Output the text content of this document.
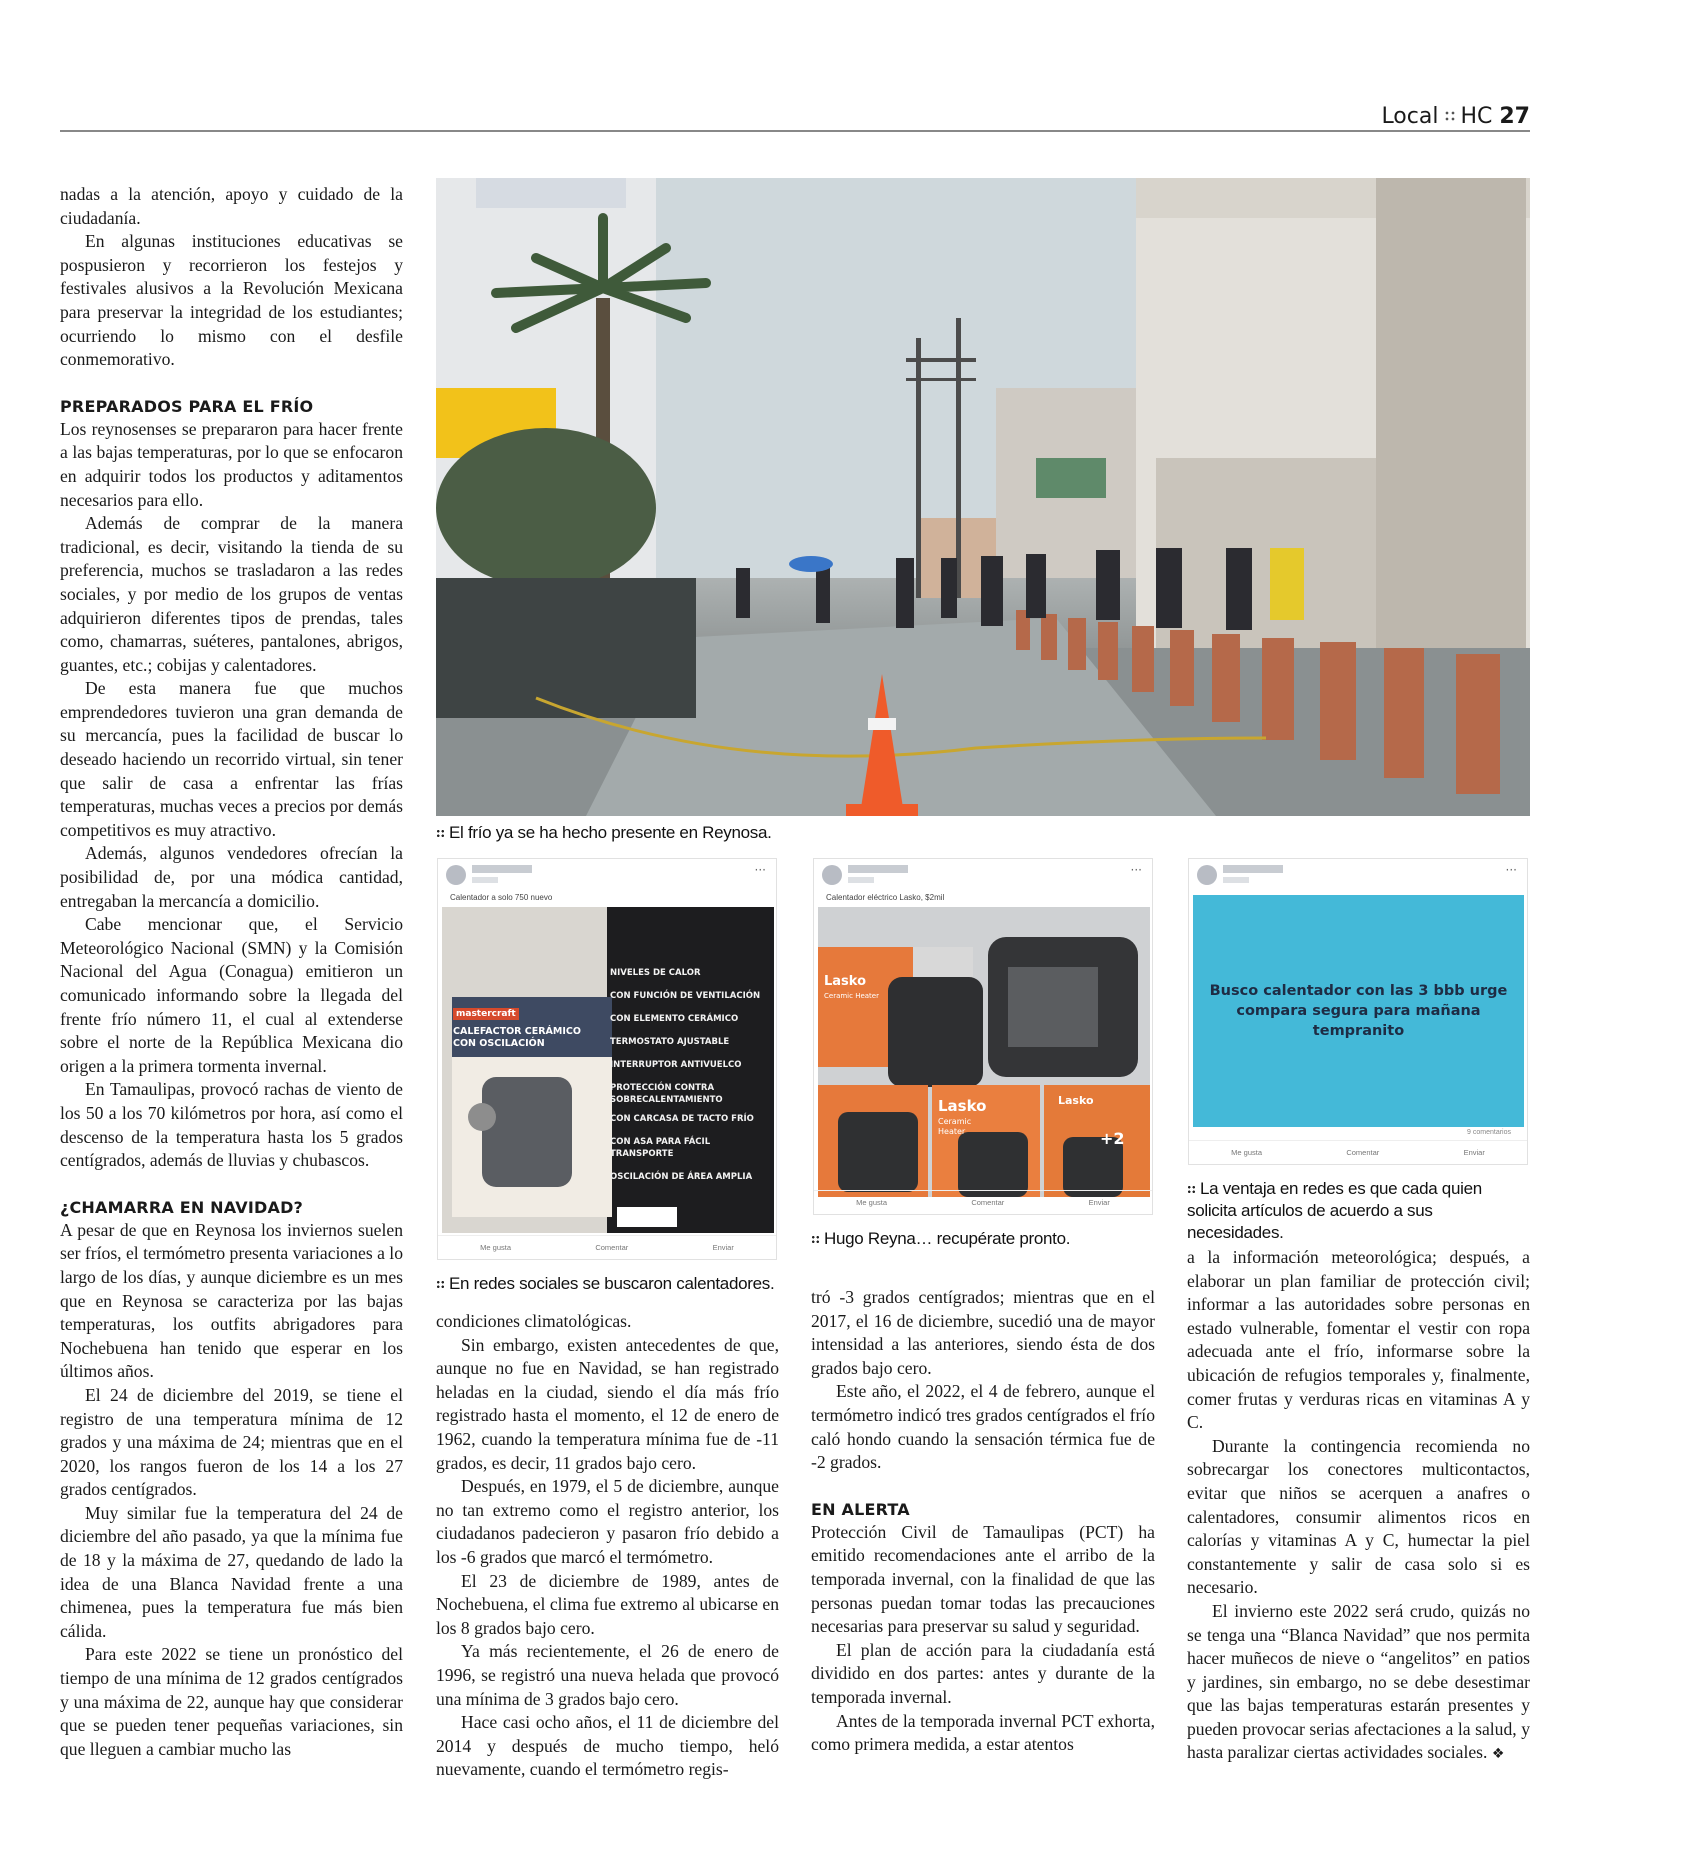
Local HC 27

nadas a la atención, apoyo y cuidado de la ciudadanía.

En algunas instituciones educativas se pospusieron y recorrieron los festejos y festivales alusivos a la Revolución Mexicana para preservar la integridad de los estudiantes; ocurriendo lo mismo con el desfile conmemorativo.

PREPARADOS PARA EL FRÍO

Los reynosenses se prepararon para hacer frente a las bajas temperaturas, por lo que se enfocaron en adquirir todos los productos y aditamentos necesarios para ello.

Además de comprar de la manera tradicional, es decir, visitando la tienda de su preferencia, muchos se trasladaron a las redes sociales, y por medio de los grupos de ventas adquirieron diferentes tipos de prendas, tales como, chamarras, suéteres, pantalones, abrigos, guantes, etc.; cobijas y calentadores.

De esta manera fue que muchos emprendedores tuvieron una gran demanda de su mercancía, pues la facilidad de buscar lo deseado haciendo un recorrido virtual, sin tener que salir de casa a enfrentar las frías temperaturas, muchas veces a precios por demás competitivos es muy atractivo.

Además, algunos vendedores ofrecían la posibilidad de, por una módica cantidad, entregaban la mercancía a domicilio.

Cabe mencionar que, el Servicio Meteorológico Nacional (SMN) y la Comisión Nacional del Agua (Conagua) emitieron un comunicado informando sobre la llegada del frente frío número 11, el cual al extenderse sobre el norte de la República Mexicana dio origen a la primera tormenta invernal.

En Tamaulipas, provocó rachas de viento de los 50 a los 70 kilómetros por hora, así como el descenso de la temperatura hasta los 5 grados centígrados, además de lluvias y chubascos.

¿CHAMARRA EN NAVIDAD?

A pesar de que en Reynosa los inviernos suelen ser fríos, el termómetro presenta variaciones a lo largo de los días, y aunque diciembre es un mes que en Reynosa se caracteriza por las bajas temperaturas, los outfits abrigadores para Nochebuena han tenido que esperar en los últimos años.

El 24 de diciembre del 2019, se tiene el registro de una temperatura mínima de 12 grados y una máxima de 24; mientras que en el 2020, los rangos fueron de los 14 a los 27 grados centígrados.

Muy similar fue la temperatura del 24 de diciembre del año pasado, ya que la mínima fue de 18 y la máxima de 27, quedando de lado la idea de una Blanca Navidad frente a una chimenea, pues la temperatura fue más bien cálida.

Para este 2022 se tiene un pronóstico del tiempo de una mínima de 12 grados centígrados y una máxima de 22, aunque hay que considerar que se pueden tener pequeñas variaciones, sin que lleguen a cambiar mucho las

El frío ya se ha hecho presente en Reynosa.
···
Calentador a solo 750 nuevo
mastercraft
CALEFACTOR CERÁMICO CON OSCILACIÓN
NIVELES DE CALOR
CON FUNCIÓN DE VENTILACIÓN
CON ELEMENTO CERÁMICO
TERMOSTATO AJUSTABLE
INTERRUPTOR ANTIVUELCO
PROTECCIÓN CONTRA SOBRECALENTAMIENTO
CON CARCASA DE TACTO FRÍO
CON ASA PARA FÁCIL TRANSPORTE
OSCILACIÓN DE ÁREA AMPLIA
Me gusta	Comentar	Enviar
En redes sociales se buscaron calentadores.
···
Calentador eléctrico Lasko, $2mil
Lasko
Ceramic Heater
Lasko
Ceramic Heater
Lasko
+2
Me gusta	Comentar	Enviar
Hugo Reyna… recupérate pronto.
···
Busco calentador con las 3 bbb urge compara segura para mañana tempranito
9 comentarios
Me gusta	Comentar	Enviar
La ventaja en redes es que cada quien solicita artículos de acuerdo a sus necesidades.

condiciones climatológicas.

Sin embargo, existen antecedentes de que, aunque no fue en Navidad, se han registrado heladas en la ciudad, siendo el día más frío registrado hasta el momento, el 12 de enero de 1962, cuando la temperatura mínima fue de -11 grados, es decir, 11 grados bajo cero.

Después, en 1979, el 5 de diciembre, aunque no tan extremo como el registro anterior, los ciudadanos padecieron y pasaron frío debido a los -6 grados que marcó el termómetro.

El 23 de diciembre de 1989, antes de Nochebuena, el clima fue extremo al ubicarse en los 8 grados bajo cero.

Ya más recientemente, el 26 de enero de 1996, se registró una nueva helada que provocó una mínima de 3 grados bajo cero.

Hace casi ocho años, el 11 de diciembre del 2014 y después de mucho tiempo, heló nuevamente, cuando el termómetro regis-

tró -3 grados centígrados; mientras que en el 2017, el 16 de diciembre, sucedió una de mayor intensidad a las anteriores, siendo ésta de dos grados bajo cero.

Este año, el 2022, el 4 de febrero, aunque el termómetro indicó tres grados centígrados el frío caló hondo cuando la sensación térmica fue de -2 grados.

EN ALERTA

Protección Civil de Tamaulipas (PCT) ha emitido recomendaciones ante el arribo de la temporada invernal, con la finalidad de que las personas puedan tomar todas las precauciones necesarias para preservar su salud y seguridad.

El plan de acción para la ciudadanía está dividido en dos partes: antes y durante de la temporada invernal.

Antes de la temporada invernal PCT exhorta, como primera medida, a estar atentos

a la información meteorológica; después, a elaborar un plan familiar de protección civil; informar a las autoridades sobre personas en estado vulnerable, fomentar el vestir con ropa adecuada ante el frío, informarse sobre la ubicación de refugios temporales y, finalmente, comer frutas y verduras ricas en vitaminas A y C.

Durante la contingencia recomienda no sobrecargar los conectores multicontactos, evitar que niños se acerquen a anafres o calentadores, consumir alimentos ricos en calorías y vitaminas A y C, humectar la piel constantemente y salir de casa solo si es necesario.

El invierno este 2022 será crudo, quizás no se tenga una “Blanca Navidad” que nos permita hacer muñecos de nieve o “angelitos” en patios y jardines, sin embargo, no se debe desestimar que las bajas temperaturas estarán presentes y pueden provocar serias afectaciones a la salud, y hasta paralizar ciertas actividades sociales. ❖
